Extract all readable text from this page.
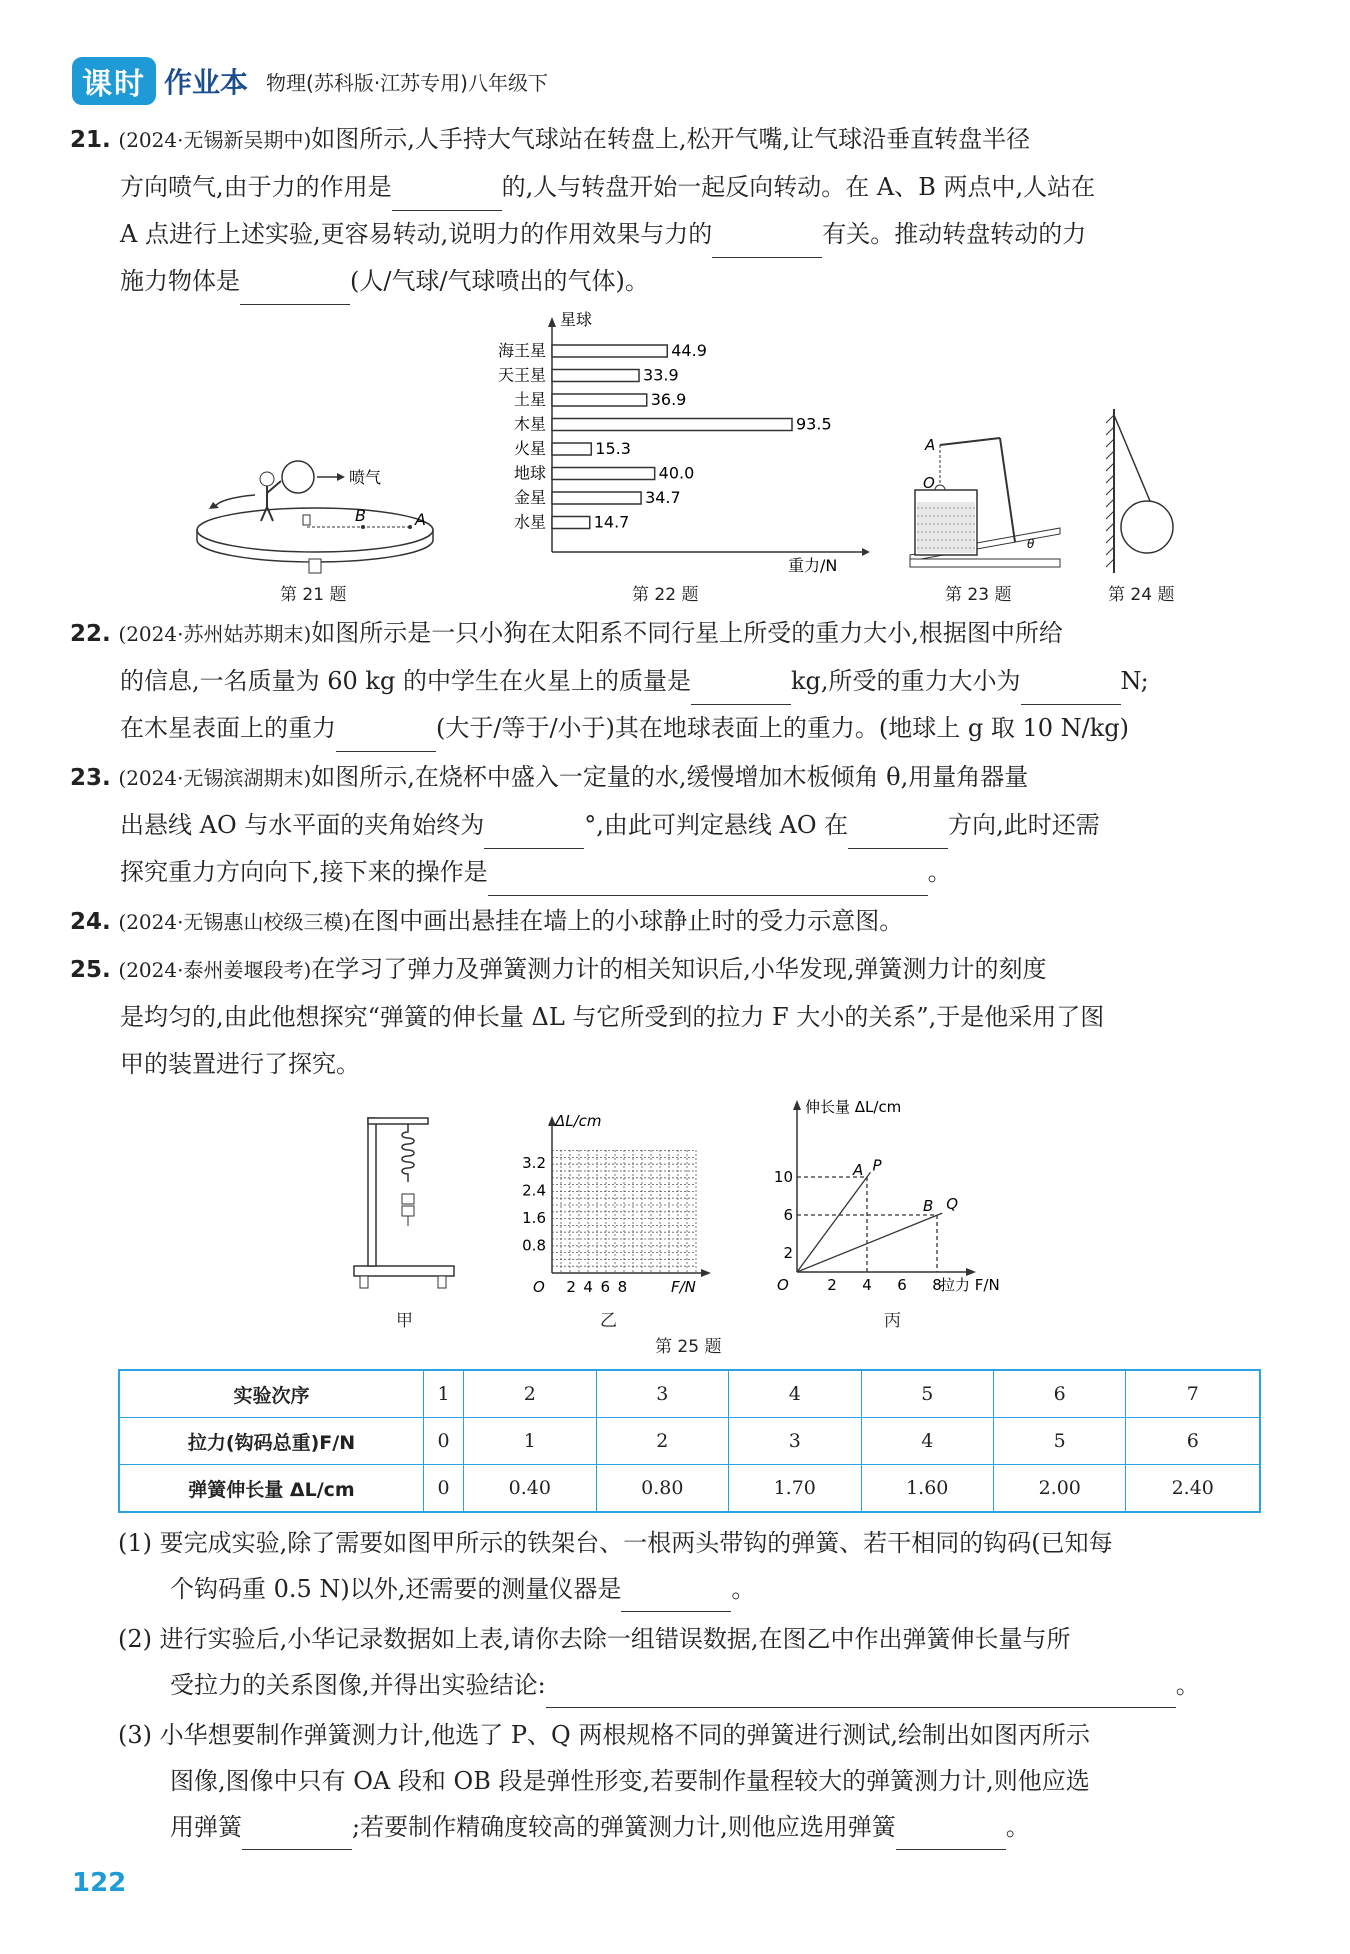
课时 作业本 物理(苏科版·江苏专用)八年级下
21. (2024·无锡新吴期中)如图所示,人手持大气球站在转盘上,松开气嘴,让气球沿垂直转盘半径
方向喷气,由于力的作用是	的,人与转盘开始一起反向转动。在 A、B 两点中,人站在
A 点进行上述实验,更容易转动,说明力的作用效果与力的	有关。推动转盘转动的力
施力物体是	(人/气球/气球喷出的气体)。
喷气
B	A
第 21 题
星球
重力/N
海王星	44.9
天王星	33.9
土星	36.9
木星	93.5
火星	15.3
地球	40.0
金星	34.7
水星	14.7
第 22 题
A
O
θ
第 23 题	第 24 题
22. (2024·苏州姑苏期末)如图所示是一只小狗在太阳系不同行星上所受的重力大小,根据图中所给
的信息,一名质量为 60 kg 的中学生在火星上的质量是	kg,所受的重力大小为	N;
在木星表面上的重力	(大于/等于/小于)其在地球表面上的重力。(地球上 g 取 10 N/kg)
23. (2024·无锡滨湖期末)如图所示,在烧杯中盛入一定量的水,缓慢增加木板倾角 θ,用量角器量
出悬线 AO 与水平面的夹角始终为	°,由此可判定悬线 AO 在	方向,此时还需
探究重力方向向下,接下来的操作是	。
24. (2024·无锡惠山校级三模)在图中画出悬挂在墙上的小球静止时的受力示意图。
25. (2024·泰州姜堰段考)在学习了弹力及弹簧测力计的相关知识后,小华发现,弹簧测力计的刻度
是均匀的,由此他想探究“弹簧的伸长量 ΔL 与它所受到的拉力 F 大小的关系”,于是他采用了图
甲的装置进行了探究。
甲
ΔL/cm
F/N
O
3.2
2.4
1.6
0.8
2 4 6 8
乙
伸长量 ΔL/cm
拉力 F/N
O
A P
B Q
10
6
2
2 4 6 8
丙
第 25 题
实验次序	1	2	3	4	5	6	7
拉力(钩码总重)F/N	0	1	2	3	4	5	6
弹簧伸长量 ΔL/cm	0	0.40	0.80	1.70	1.60	2.00	2.40
(1) 要完成实验,除了需要如图甲所示的铁架台、一根两头带钩的弹簧、若干相同的钩码(已知每
个钩码重 0.5 N)以外,还需要的测量仪器是	。
(2) 进行实验后,小华记录数据如上表,请你去除一组错误数据,在图乙中作出弹簧伸长量与所
受拉力的关系图像,并得出实验结论:	。
(3) 小华想要制作弹簧测力计,他选了 P、Q 两根规格不同的弹簧进行测试,绘制出如图丙所示
图像,图像中只有 OA 段和 OB 段是弹性形变,若要制作量程较大的弹簧测力计,则他应选
用弹簧	;若要制作精确度较高的弹簧测力计,则他应选用弹簧	。
122
